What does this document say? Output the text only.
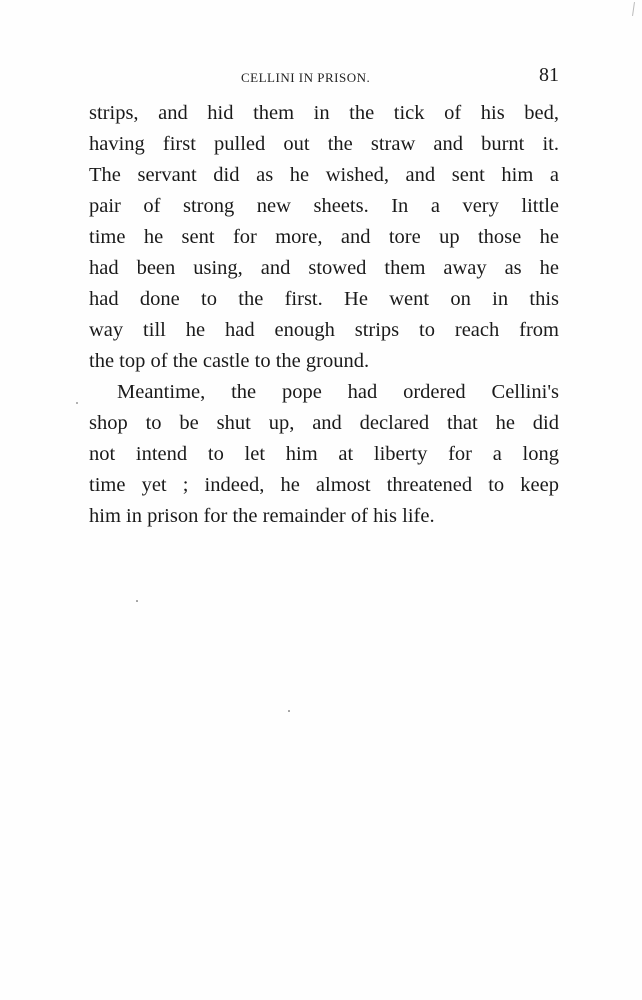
CELLINI IN PRISON.	81
strips, and hid them in the tick of his bed,
having first pulled out the straw and burnt it.
The servant did as he wished, and sent him a
pair of strong new sheets. In a very little
time he sent for more, and tore up those he
had been using, and stowed them away as he
had done to the first. He went on in this
way till he had enough strips to reach from
the top of the castle to the ground.
Meantime, the pope had ordered Cellini's
shop to be shut up, and declared that he did
not intend to let him at liberty for a long
time yet ; indeed, he almost threatened to keep
him in prison for the remainder of his life.
